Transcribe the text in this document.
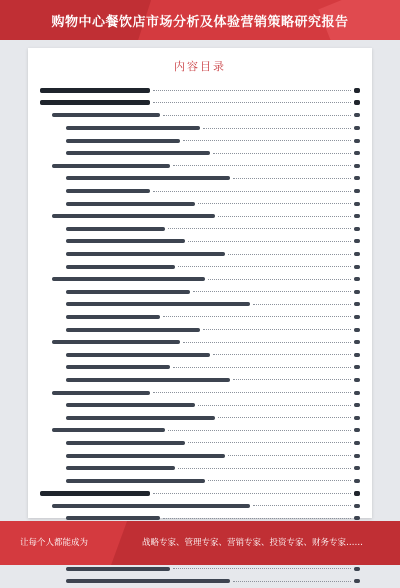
购物中心餐饮店市场分析及体验营销策略研究报告
内容目录
让每个人都能成为	战略专家、管理专家、营销专家、投资专家、财务专家……
